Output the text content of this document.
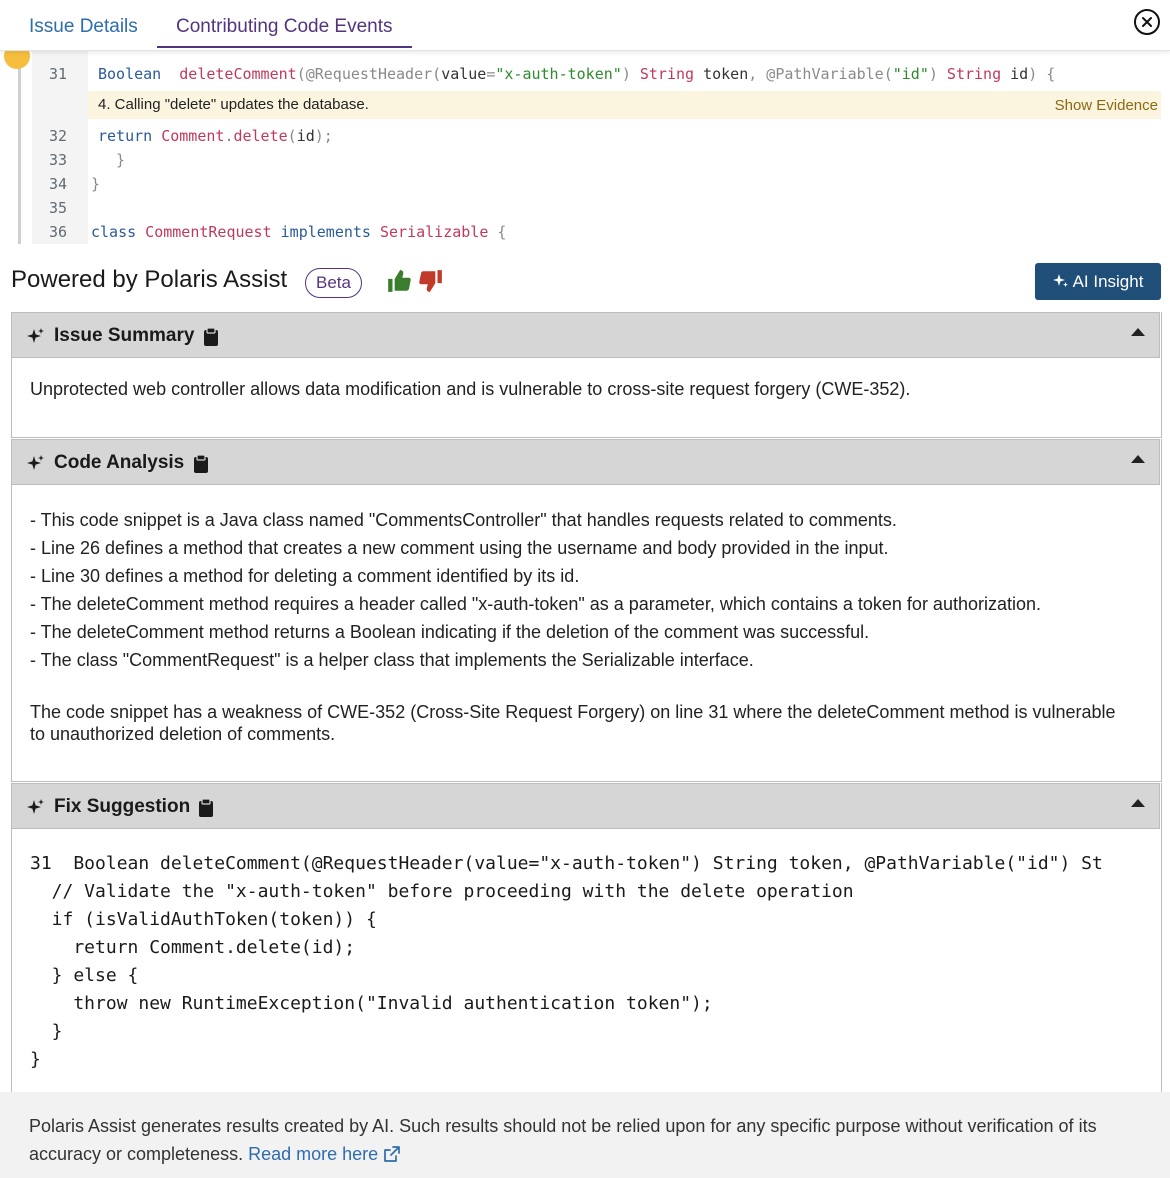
Issue Details	Contributing Code Events
31 Boolean deleteComment(@RequestHeader(value="x-auth-token") String token, @PathVariable("id") String id) {
32 return Comment.delete(id);
33 }
34 }
35
36 class CommentRequest implements Serializable {
4. Calling "delete" updates the database.	Show Evidence
Powered by Polaris Assist	Beta	AI Insight
Issue Summary
Unprotected web controller allows data modification and is vulnerable to cross-site request forgery (CWE-352).
Code Analysis
- This code snippet is a Java class named "CommentsController" that handles requests related to comments.
- Line 26 defines a method that creates a new comment using the username and body provided in the input.
- Line 30 defines a method for deleting a comment identified by its id.
- The deleteComment method requires a header called "x-auth-token" as a parameter, which contains a token for authorization.
- The deleteComment method returns a Boolean indicating if the deletion of the comment was successful.
- The class "CommentRequest" is a helper class that implements the Serializable interface.
The code snippet has a weakness of CWE-352 (Cross-Site Request Forgery) on line 31 where the deleteComment method is vulnerable to unauthorized deletion of comments.
Fix Suggestion
31  Boolean deleteComment(@RequestHeader(value="x-auth-token") String token, @PathVariable("id") St
// Validate the "x-auth-token" before proceeding with the delete operation
if (isValidAuthToken(token)) {
return Comment.delete(id);
} else {
throw new RuntimeException("Invalid authentication token");
}
}
Polaris Assist generates results created by AI. Such results should not be relied upon for any specific purpose without verification of its accuracy or completeness. Read more here
